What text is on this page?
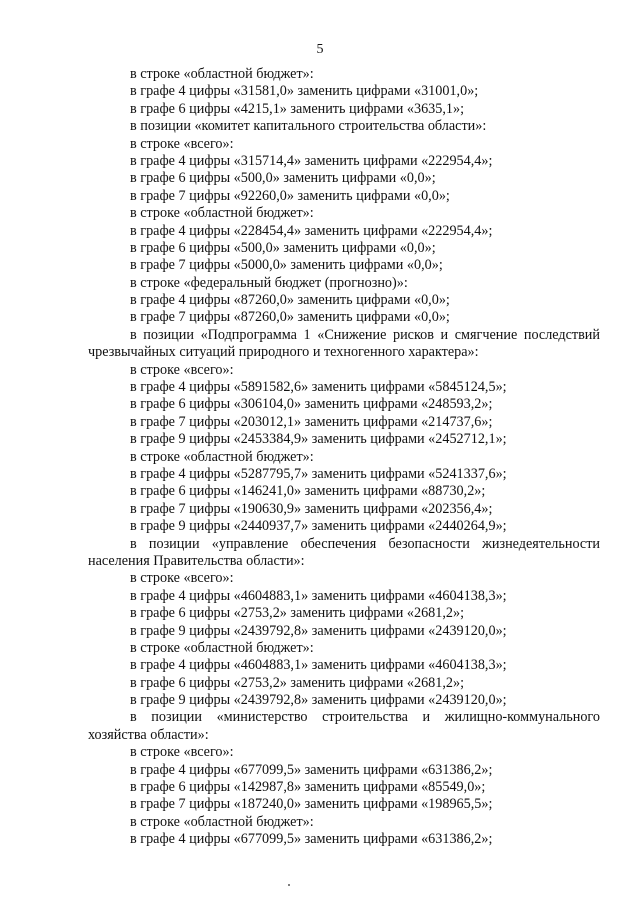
5
в строке «областной бюджет»:
в графе 4 цифры «31581,0» заменить цифрами «31001,0»;
в графе 6 цифры «4215,1» заменить цифрами «3635,1»;
в позиции «комитет капитального строительства области»:
в строке «всего»:
в графе 4 цифры «315714,4» заменить цифрами «222954,4»;
в графе 6 цифры «500,0» заменить цифрами «0,0»;
в графе 7 цифры «92260,0» заменить цифрами «0,0»;
в строке «областной бюджет»:
в графе 4 цифры «228454,4» заменить цифрами «222954,4»;
в графе 6 цифры «500,0» заменить цифрами «0,0»;
в графе 7 цифры «5000,0» заменить цифрами «0,0»;
в строке «федеральный бюджет (прогнозно)»:
в графе 4 цифры «87260,0» заменить цифрами «0,0»;
в графе 7 цифры «87260,0» заменить цифрами «0,0»;
в позиции «Подпрограмма 1 «Снижение рисков и смягчение последствий
чрезвычайных ситуаций природного и техногенного характера»:
в строке «всего»:
в графе 4 цифры «5891582,6» заменить цифрами «5845124,5»;
в графе 6 цифры «306104,0» заменить цифрами «248593,2»;
в графе 7 цифры «203012,1» заменить цифрами «214737,6»;
в графе 9 цифры «2453384,9» заменить цифрами «2452712,1»;
в строке «областной бюджет»:
в графе 4 цифры «5287795,7» заменить цифрами «5241337,6»;
в графе 6 цифры «146241,0» заменить цифрами «88730,2»;
в графе 7 цифры «190630,9» заменить цифрами «202356,4»;
в графе 9 цифры «2440937,7» заменить цифрами «2440264,9»;
в позиции «управление обеспечения безопасности жизнедеятельности
населения Правительства области»:
в строке «всего»:
в графе 4 цифры «4604883,1» заменить цифрами «4604138,3»;
в графе 6 цифры «2753,2» заменить цифрами «2681,2»;
в графе 9 цифры «2439792,8» заменить цифрами «2439120,0»;
в строке «областной бюджет»:
в графе 4 цифры «4604883,1» заменить цифрами «4604138,3»;
в графе 6 цифры «2753,2» заменить цифрами «2681,2»;
в графе 9 цифры «2439792,8» заменить цифрами «2439120,0»;
в позиции «министерство строительства и жилищно-коммунального
хозяйства области»:
в строке «всего»:
в графе 4 цифры «677099,5» заменить цифрами «631386,2»;
в графе 6 цифры «142987,8» заменить цифрами «85549,0»;
в графе 7 цифры «187240,0» заменить цифрами «198965,5»;
в строке «областной бюджет»:
в графе 4 цифры «677099,5» заменить цифрами «631386,2»;
